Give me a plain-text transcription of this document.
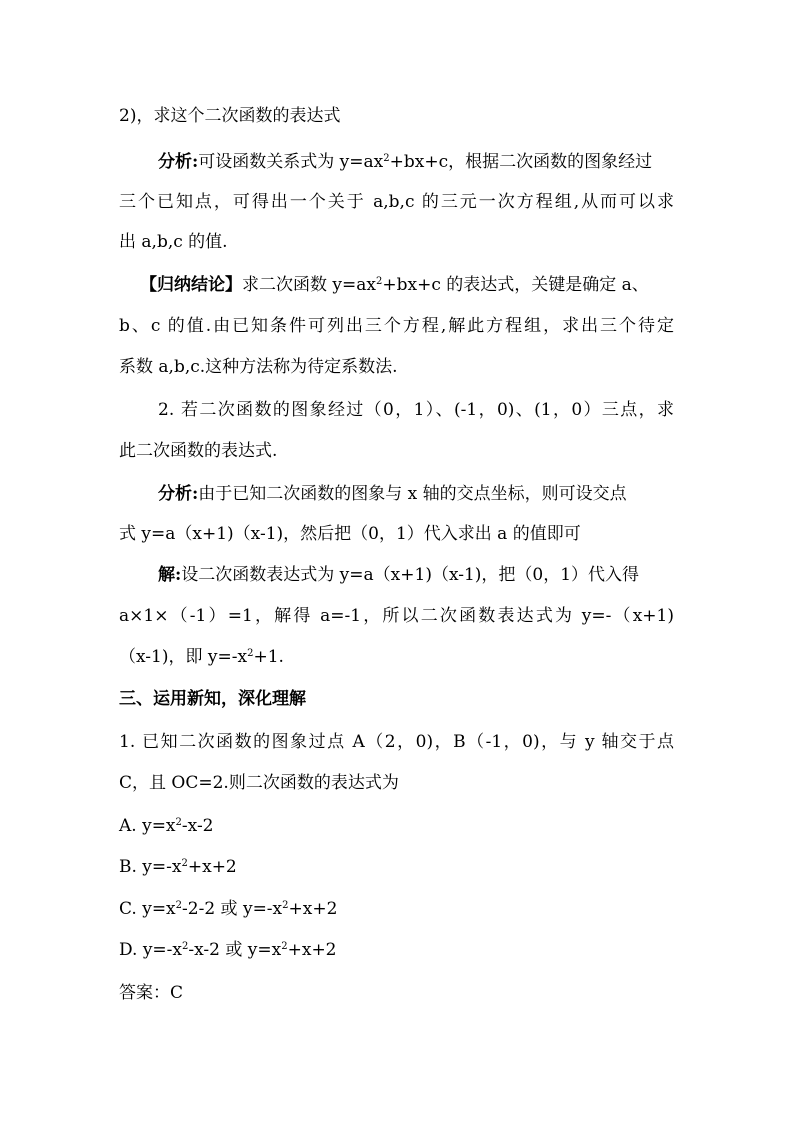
2)，求这个二次函数的表达式
分析:可设函数关系式为 $y=ax^2+bx+c$，根据二次函数的图象经过
三个已知点，可得出一个关于 a,b,c 的三元一次方程组,从而可以求
出 a,b,c 的值.
【归纳结论】求二次函数 $y=ax^2+bx+c$ 的表达式，关键是确定 a、
b、c 的值.由已知条件可列出三个方程,解此方程组，求出三个待定
系数 a,b,c.这种方法称为待定系数法.
2. 若二次函数的图象经过（0，1）、(-1，0)、(1，0）三点，求
此二次函数的表达式.
分析:由于已知二次函数的图象与 x 轴的交点坐标，则可设交点
式 y=a（x+1)（x-1)，然后把（0，1）代入求出 a 的值即可
解:设二次函数表达式为 y=a（x+1)（x-1)，把（0，1）代入得
a×1×（-1）=1，解得 a=-1，所以二次函数表达式为 y=-（x+1)
（x-1)，即 $y=-x^2+1$.
三、运用新知，深化理解
1. 已知二次函数的图象过点 A（2，0)，B（-1，0)，与 y 轴交于点
C，且 OC=2.则二次函数的表达式为
A. $y=x^2-x-2$
B. $y=-x^2+x+2$
C. $y=x^2-2-2$ 或 $y=-x^2+x+2$
D. $y=-x^2-x-2$ 或 $y=x^2+x+2$
答案：C
